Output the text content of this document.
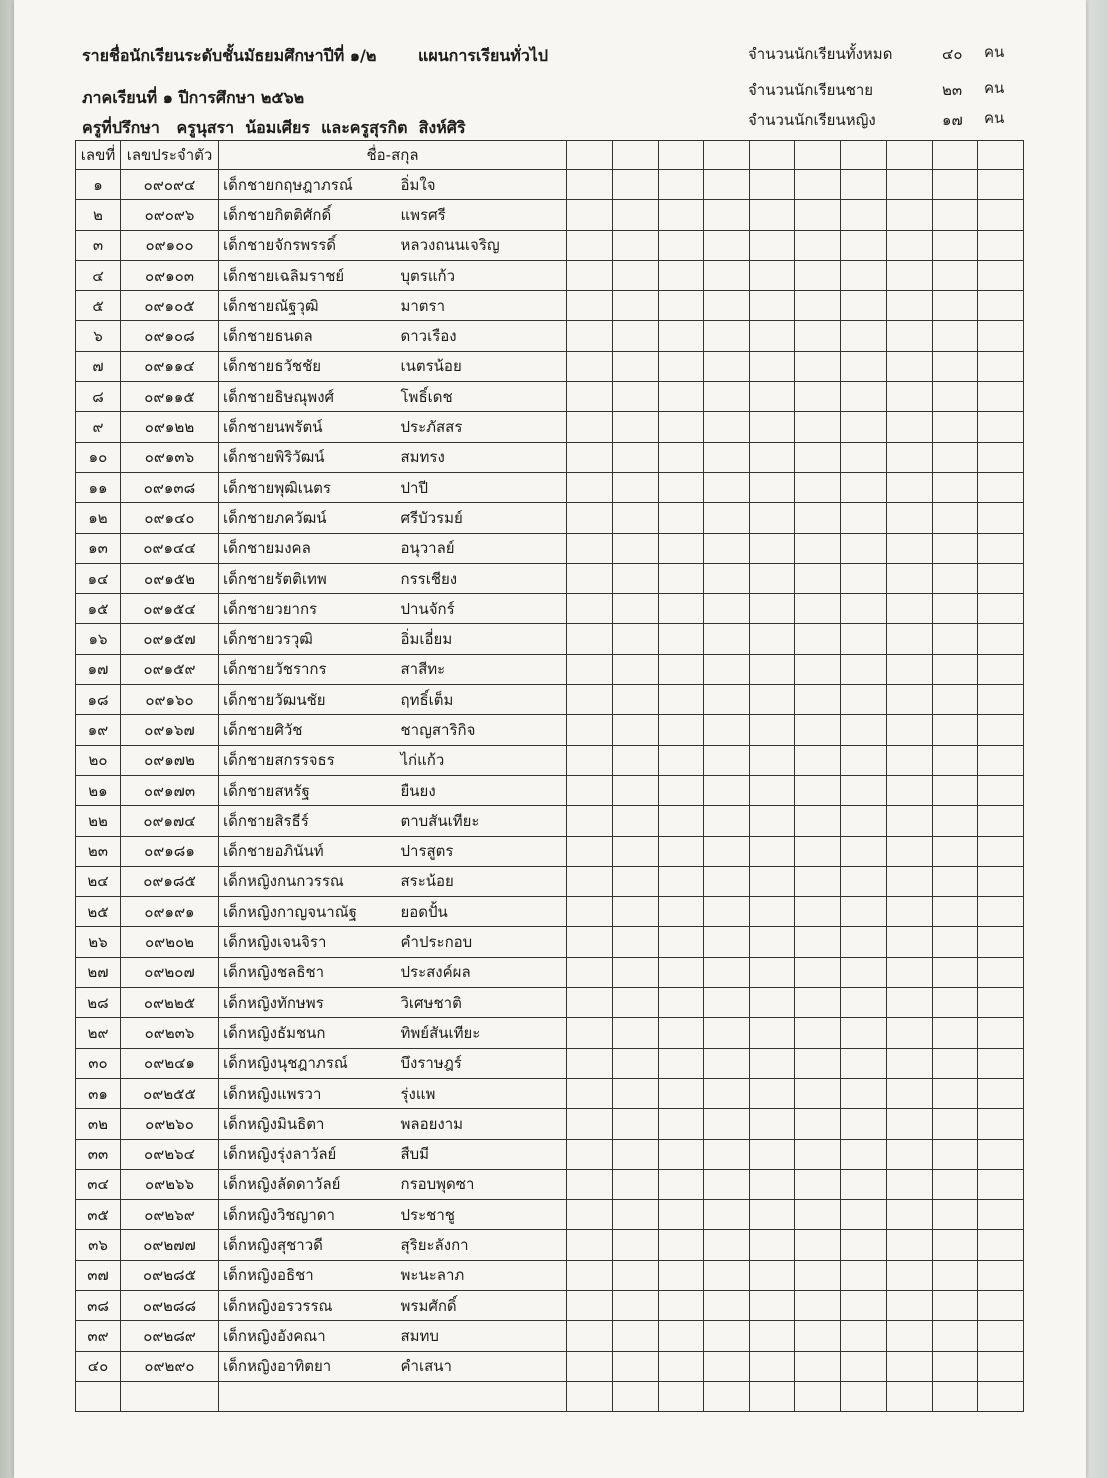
รายชื่อนักเรียนระดับชั้นมัธยมศึกษาปีที่ ๑/๒	แผนการเรียนทั่วไป
ภาคเรียนที่ ๑ ปีการศึกษา ๒๕๖๒
ครูที่ปรึกษา   ครูนุสรา  น้อมเศียร  และครูสุรกิต  สิงห์ศิริ
จำนวนนักเรียนทั้งหมด	๔๐ คน
จำนวนนักเรียนชาย	๒๓ คน
จำนวนนักเรียนหญิง	๑๗ คน
เลขที่	เลขประจำตัว	ชื่อ-สกุล											
๑	๐๙๐๙๔	เด็กชายกฤษฎาภรณ์	อิ่มใจ										
๒	๐๙๐๙๖	เด็กชายกิตติศักดิ์	แพรศรี										
๓	๐๙๑๐๐	เด็กชายจักรพรรดิ์	หลวงถนนเจริญ										
๔	๐๙๑๐๓	เด็กชายเฉลิมราชย์	บุตรแก้ว										
๕	๐๙๑๐๕	เด็กชายณัฐวุฒิ	มาตรา										
๖	๐๙๑๐๘	เด็กชายธนดล	ดาวเรือง										
๗	๐๙๑๑๔	เด็กชายธวัชชัย	เนตรน้อย										
๘	๐๙๑๑๕	เด็กชายธิษณุพงศ์	โพธิ์เดช										
๙	๐๙๑๒๒	เด็กชายนพรัตน์	ประภัสสร										
๑๐	๐๙๑๓๖	เด็กชายพิริวัฒน์	สมทรง										
๑๑	๐๙๑๓๘	เด็กชายพุฒิเนตร	ปาปี										
๑๒	๐๙๑๔๐	เด็กชายภควัฒน์	ศรีบัวรมย์										
๑๓	๐๙๑๔๔	เด็กชายมงคล	อนุวาลย์										
๑๔	๐๙๑๕๒	เด็กชายรัตติเทพ	กรรเชียง										
๑๕	๐๙๑๕๔	เด็กชายวยากร	ปานจักร์										
๑๖	๐๙๑๕๗	เด็กชายวรวุฒิ	อิ่มเอี่ยม										
๑๗	๐๙๑๕๙	เด็กชายวัชรากร	สาสีทะ										
๑๘	๐๙๑๖๐	เด็กชายวัฒนชัย	ฤทธิ์เต็ม										
๑๙	๐๙๑๖๗	เด็กชายศิวัช	ชาญสาริกิจ										
๒๐	๐๙๑๗๒	เด็กชายสกรรจธร	ไก่แก้ว										
๒๑	๐๙๑๗๓	เด็กชายสหรัฐ	ยืนยง										
๒๒	๐๙๑๗๔	เด็กชายสิรธีร์	ตาบสันเทียะ										
๒๓	๐๙๑๘๑	เด็กชายอภินันท์	ปารสูตร										
๒๔	๐๙๑๘๕	เด็กหญิงกนกวรรณ	สระน้อย										
๒๕	๐๙๑๙๑	เด็กหญิงกาญจนาณัฐ	ยอดปั้น										
๒๖	๐๙๒๐๒	เด็กหญิงเจนจิรา	คำประกอบ										
๒๗	๐๙๒๐๗	เด็กหญิงชลธิชา	ประสงค์ผล										
๒๘	๐๙๒๒๕	เด็กหญิงทักษพร	วิเศษชาติ										
๒๙	๐๙๒๓๖	เด็กหญิงธัมชนก	ทิพย์สันเทียะ										
๓๐	๐๙๒๔๑	เด็กหญิงนุชฎาภรณ์	บึงราษฎร์										
๓๑	๐๙๒๕๕	เด็กหญิงแพรวา	รุ่งแพ										
๓๒	๐๙๒๖๐	เด็กหญิงมินธิตา	พลอยงาม										
๓๓	๐๙๒๖๔	เด็กหญิงรุ่งลาวัลย์	สืบมี										
๓๔	๐๙๒๖๖	เด็กหญิงลัดดาวัลย์	กรอบพุดซา										
๓๕	๐๙๒๖๙	เด็กหญิงวิชญาดา	ประชาชู										
๓๖	๐๙๒๗๗	เด็กหญิงสุชาวดี	สุริยะลังกา										
๓๗	๐๙๒๘๕	เด็กหญิงอธิชา	พะนะลาภ										
๓๘	๐๙๒๘๘	เด็กหญิงอรวรรณ	พรมศักดิ์										
๓๙	๐๙๒๘๙	เด็กหญิงอังคณา	สมทบ										
๔๐	๐๙๒๙๐	เด็กหญิงอาทิตยา	คำเสนา										
